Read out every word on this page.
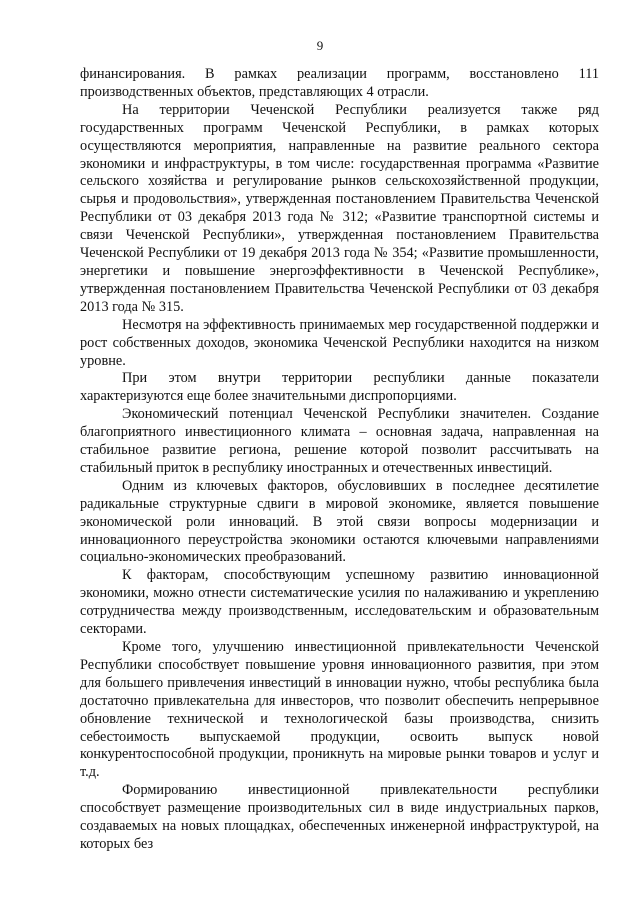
9

финансирования. В рамках реализации программ, восстановлено 111 производственных объектов, представляющих 4 отрасли.

На территории Чеченской Республики реализуется также ряд государственных программ Чеченской Республики, в рамках которых осуществляются мероприятия, направленные на развитие реального сектора экономики и инфраструктуры, в том числе: государственная программа «Развитие сельского хозяйства и регулирование рынков сельскохозяйственной продукции, сырья и продовольствия», утвержденная постановлением Правительства Чеченской Республики от 03 декабря 2013 года № 312; «Развитие транспортной системы и связи Чеченской Республики», утвержденная постановлением Правительства Чеченской Республики от 19 декабря 2013 года № 354; «Развитие промышленности, энергетики и повышение энергоэффективности в Чеченской Республике», утвержденная постановлением Правительства Чеченской Республики от 03 декабря 2013 года № 315.

Несмотря на эффективность принимаемых мер государственной поддержки и рост собственных доходов, экономика Чеченской Республики находится на низком уровне.

При этом внутри территории республики данные показатели характеризуются еще более значительными диспропорциями.

Экономический потенциал Чеченской Республики значителен. Создание благоприятного инвестиционного климата – основная задача, направленная на стабильное развитие региона, решение которой позволит рассчитывать на стабильный приток в республику иностранных и отечественных инвестиций.

Одним из ключевых факторов, обусловивших в последнее десятилетие радикальные структурные сдвиги в мировой экономике, является повышение экономической роли инноваций. В этой связи вопросы модернизации и инновационного переустройства экономики остаются ключевыми направлениями социально-экономических преобразований.

К факторам, способствующим успешному развитию инновационной экономики, можно отнести систематические усилия по налаживанию и укреплению сотрудничества между производственным, исследовательским и образовательным секторами.

Кроме того, улучшению инвестиционной привлекательности Чеченской Республики способствует повышение уровня инновационного развития, при этом для большего привлечения инвестиций в инновации нужно, чтобы республика была достаточно привлекательна для инвесторов, что позволит обеспечить непрерывное обновление технической и технологической базы производства, снизить себестоимость выпускаемой продукции, освоить выпуск новой конкурентоспособной продукции, проникнуть на мировые рынки товаров и услуг и т.д.

Формированию инвестиционной привлекательности республики способствует размещение производительных сил в виде индустриальных парков, создаваемых на новых площадках, обеспеченных инженерной инфраструктурой, на которых без
